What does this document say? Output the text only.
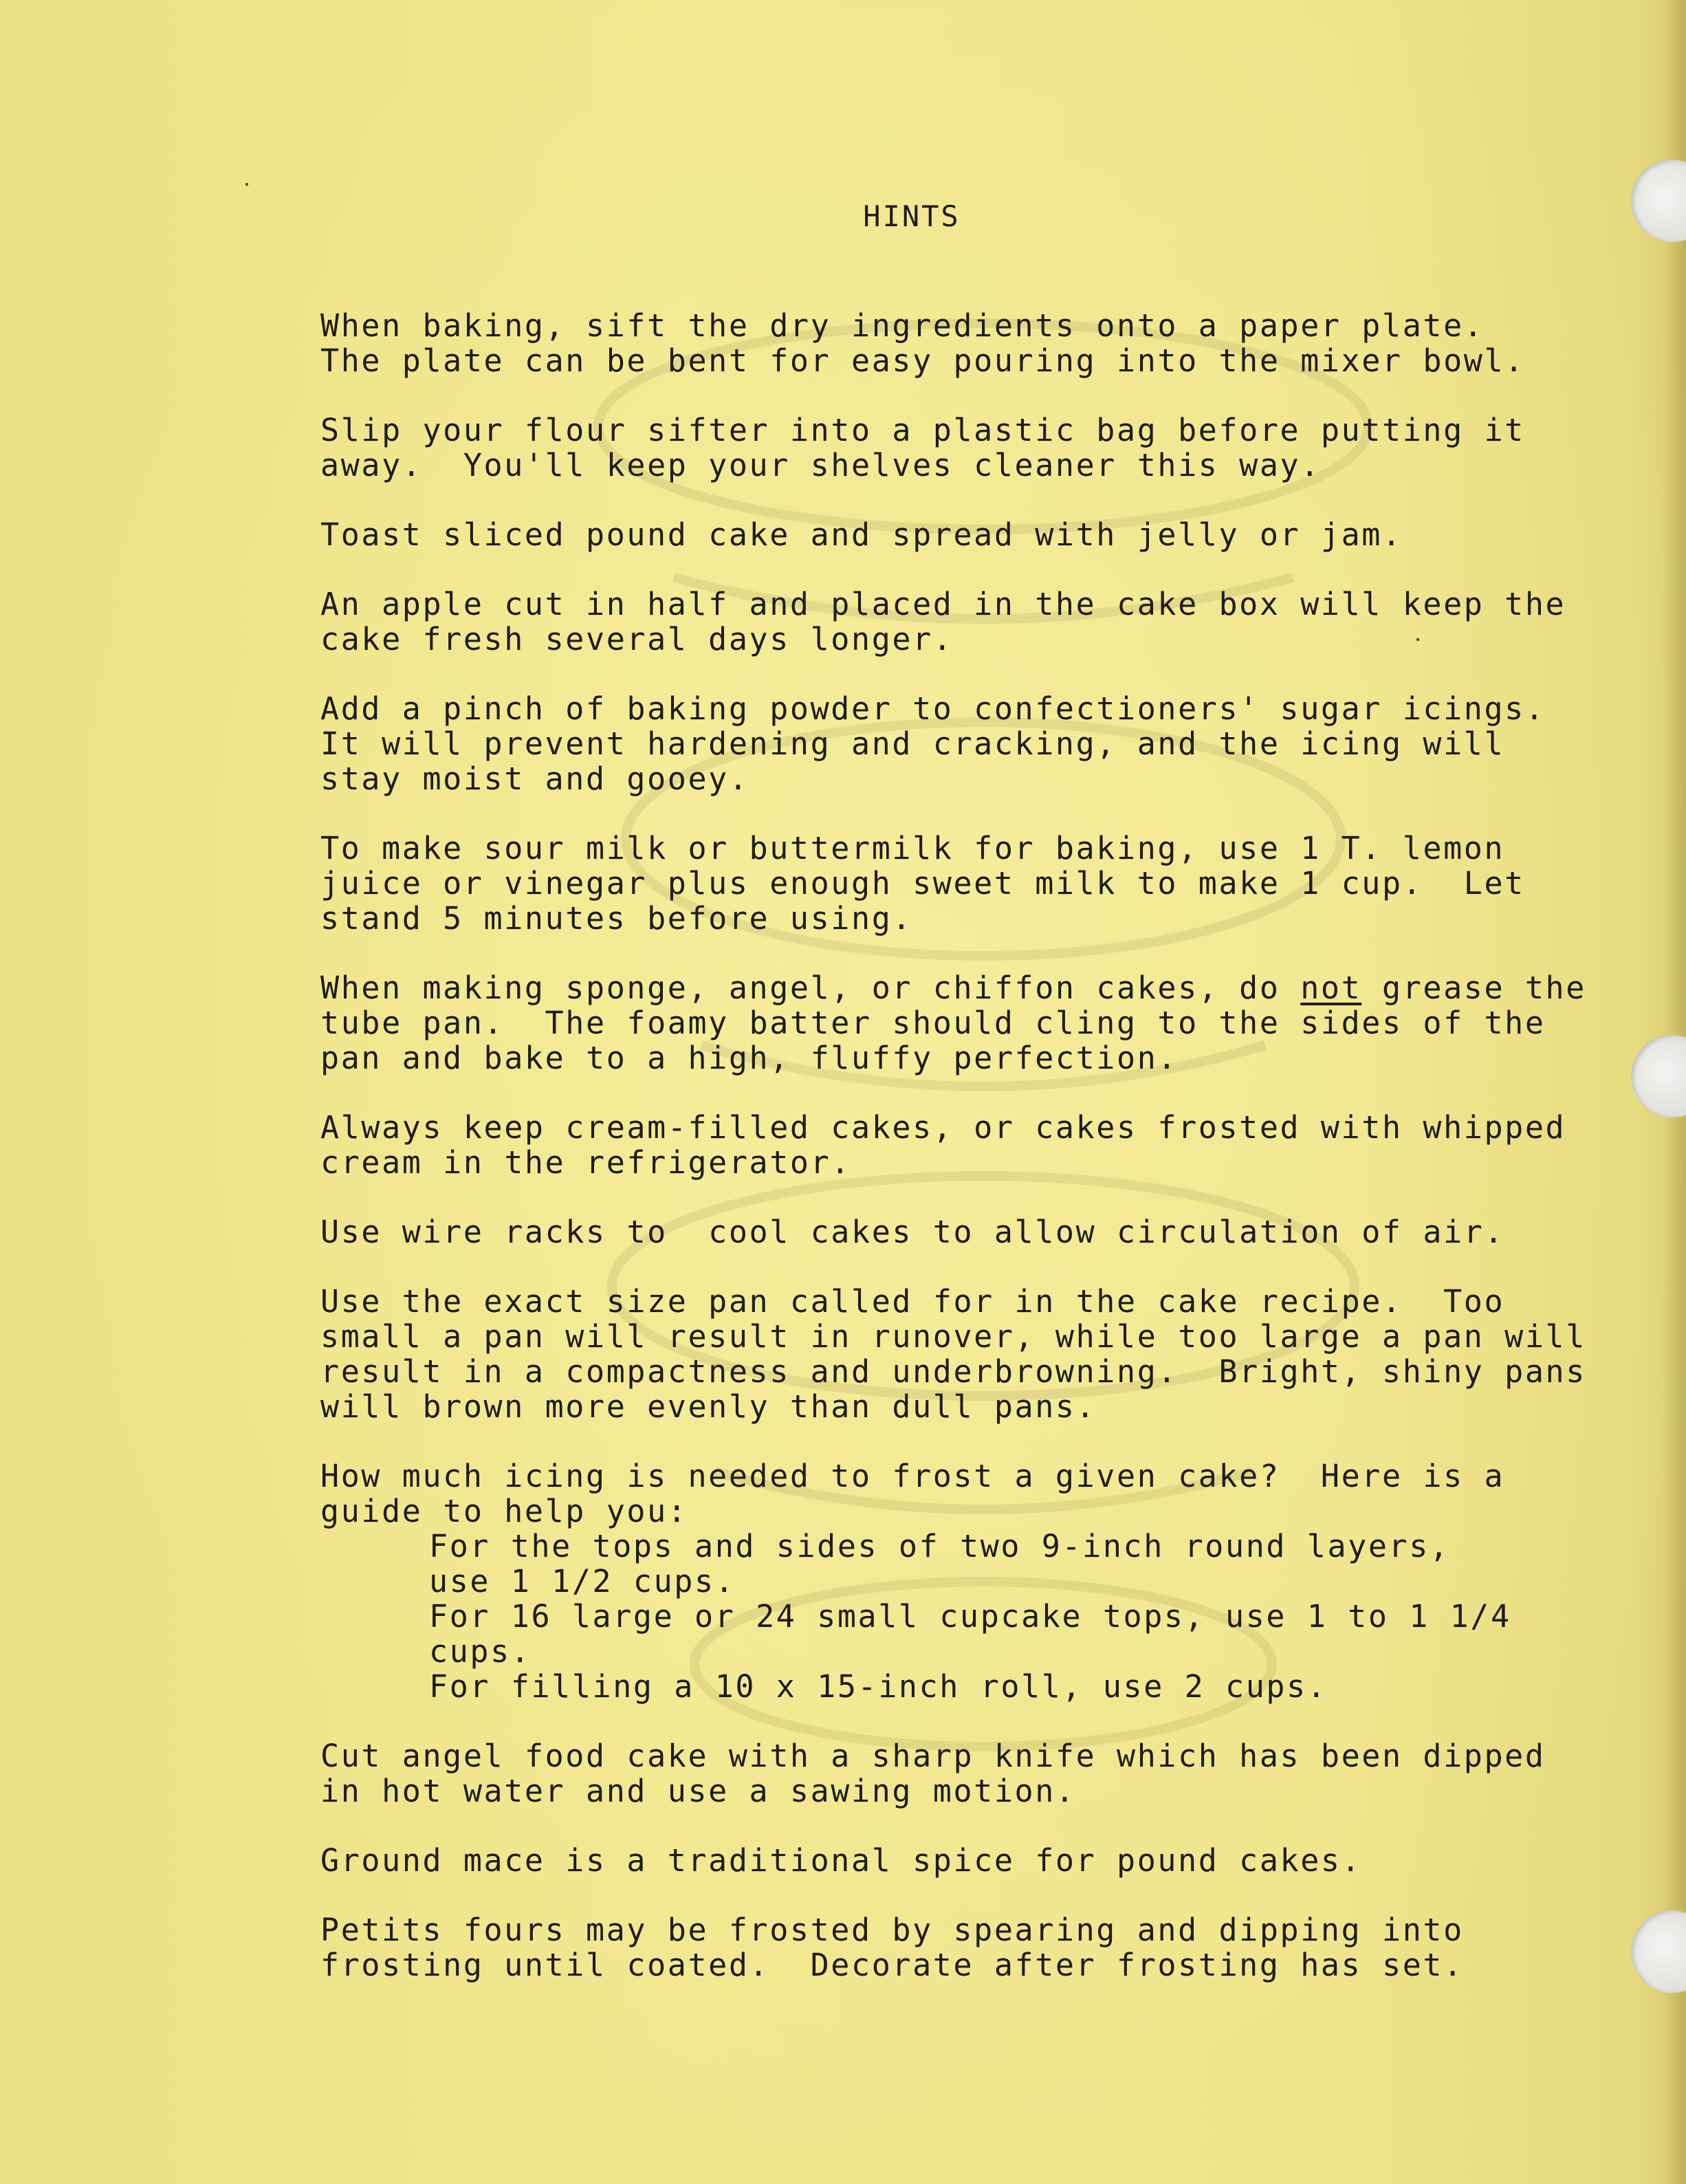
HINTS
When baking, sift the dry ingredients onto a paper plate.
The plate can be bent for easy pouring into the mixer bowl.
Slip your flour sifter into a plastic bag before putting it
away.  You'll keep your shelves cleaner this way.
Toast sliced pound cake and spread with jelly or jam.
An apple cut in half and placed in the cake box will keep the
cake fresh several days longer.
Add a pinch of baking powder to confectioners' sugar icings.
It will prevent hardening and cracking, and the icing will
stay moist and gooey.
To make sour milk or buttermilk for baking, use 1 T. lemon
juice or vinegar plus enough sweet milk to make 1 cup.  Let
stand 5 minutes before using.
When making sponge, angel, or chiffon cakes, do not grease the
tube pan.  The foamy batter should cling to the sides of the
pan and bake to a high, fluffy perfection.
Always keep cream-filled cakes, or cakes frosted with whipped
cream in the refrigerator.
Use wire racks to  cool cakes to allow circulation of air.
Use the exact size pan called for in the cake recipe.  Too
small a pan will result in runover, while too large a pan will
result in a compactness and underbrowning.  Bright, shiny pans
will brown more evenly than dull pans.
How much icing is needed to frost a given cake?  Here is a
guide to help you:
For the tops and sides of two 9-inch round layers,
use 1 1/2 cups.
For 16 large or 24 small cupcake tops, use 1 to 1 1/4
cups.
For filling a 10 x 15-inch roll, use 2 cups.
Cut angel food cake with a sharp knife which has been dipped
in hot water and use a sawing motion.
Ground mace is a traditional spice for pound cakes.
Petits fours may be frosted by spearing and dipping into
frosting until coated.  Decorate after frosting has set.
